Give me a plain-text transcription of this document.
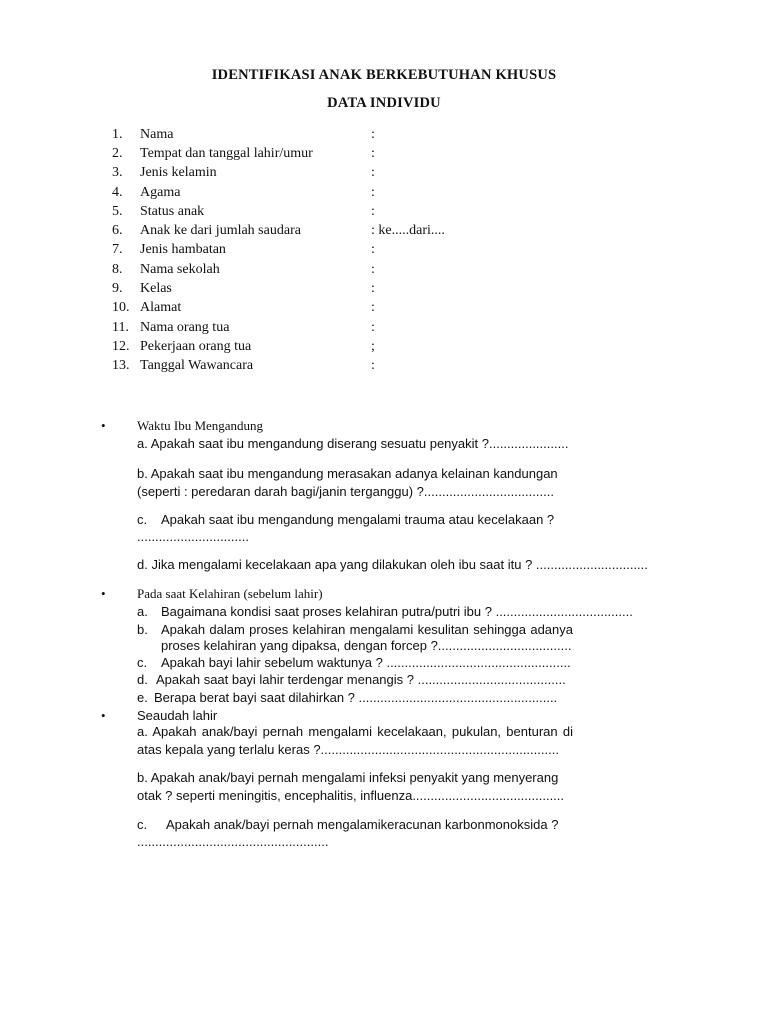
IDENTIFIKASI ANAK BERKEBUTUHAN KHUSUS
DATA INDIVIDU
1. Nama	:
2. Tempat dan tanggal lahir/umur	:
3. Jenis kelamin	:
4. Agama	:
5. Status anak	:
6. Anak ke dari jumlah saudara	: ke.....dari....
7. Jenis hambatan	:
8. Nama sekolah	:
9. Kelas	:
10. Alamat	:
11. Nama orang tua	:
12. Pekerjaan orang tua	;
13. Tanggal Wawancara	:
• Waktu Ibu Mengandung
a. Apakah saat ibu mengandung diserang sesuatu penyakit ?......................
b. Apakah saat ibu mengandung merasakan adanya kelainan kandungan
(seperti : peredaran darah bagi/janin terganggu) ?....................................
c. Apakah saat ibu mengandung mengalami trauma atau kecelakaan ?
...............................
d. Jika mengalami kecelakaan apa yang dilakukan oleh ibu saat itu ? ...............................
• Pada saat Kelahiran (sebelum lahir)
a. Bagaimana kondisi saat proses kelahiran putra/putri ibu ? ......................................
b. Apakah dalam proses kelahiran mengalami kesulitan sehingga adanya
proses kelahiran yang dipaksa, dengan forcep ?.....................................
c. Apakah bayi lahir sebelum waktunya ? ...................................................
d. Apakah saat bayi lahir terdengar menangis ? .........................................
e. Berapa berat bayi saat dilahirkan ? .......................................................
• Seaudah lahir
a. Apakah anak/bayi pernah mengalami kecelakaan, pukulan, benturan di
atas kepala yang terlalu keras ?..................................................................
b. Apakah anak/bayi pernah mengalami infeksi penyakit yang menyerang
otak ? seperti meningitis, encephalitis, influenza..........................................
c. Apakah anak/bayi pernah mengalamikeracunan karbonmonoksida ?
.....................................................
